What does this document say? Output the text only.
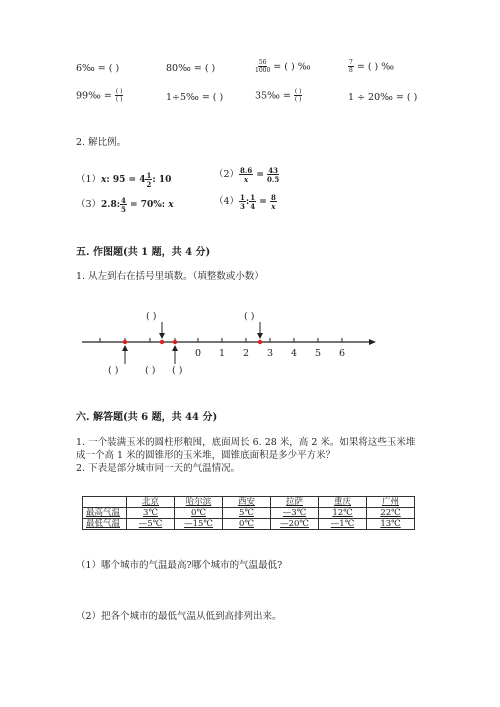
6‰ = ( )	80‰ = ( )	$\frac{56}{1000}$ = ( ) ‰	$\frac{7}{8}$ = ( ) ‰
99‰ = $\frac{( )}{( )}$	1÷5‰ = ( )	35‰ = $\frac{( )}{( )}$	1 ÷ 20‰ = ( )
2. 解比例。
（1）x: $95 = 4 \frac{1}{2}$ : 10	$(2) \frac{8.6}{x} = \frac{43}{0.5}$
（3）2.8: $\frac{4}{5} = 70\%$: x	$(4) \frac{1}{3}$ : $\frac{1}{4} = \frac{8}{x}$
五. 作图题(共 1 题，共 4 分)
1. 从左到右在括号里填数。（填整数或小数）
0 1 2 3 4 5 6
( )	( )
( )	( ) ( )
六. 解答题(共 6 题，共 44 分)
1. 一个装满玉米的圆柱形粮囤，底面周长 6. 28 米，高 2 米。如果将这些玉米堆
成一个高 1 米的圆锥形的玉米堆，圆锥底面积是多少平方米？
2. 下表是部分城市同一天的气温情况。
	北京	哈尔滨	西安	拉萨	重庆	广州
最高气温	3℃	0℃	5℃	—3℃	12℃	22℃
最低气温	—5℃	—15℃	0℃	—20℃	—1℃	13℃
（1）哪个城市的气温最高?哪个城市的气温最低?
（2）把各个城市的最低气温从低到高排列出来。
